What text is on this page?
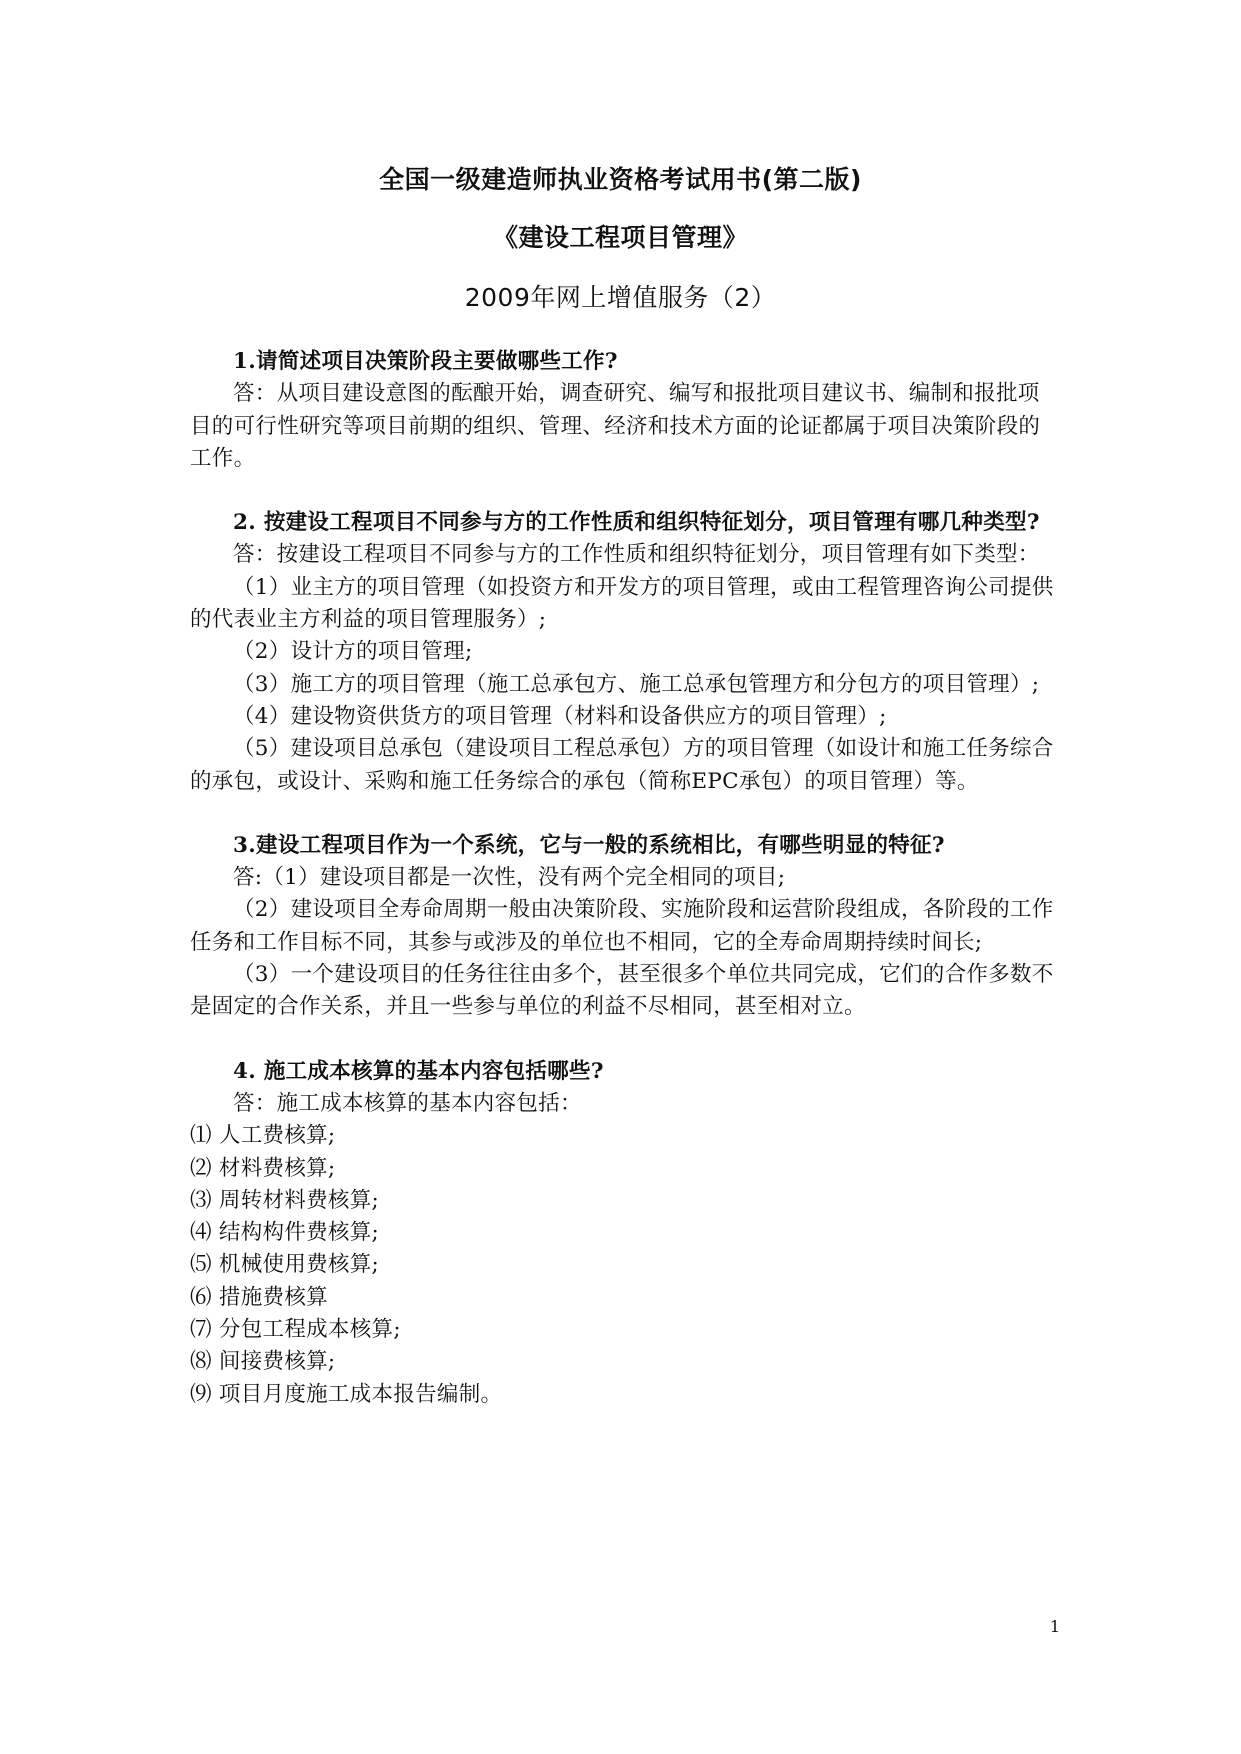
全国一级建造师执业资格考试用书(第二版)
《建设工程项目管理》
2009年网上增值服务（2）

1.请简述项目决策阶段主要做哪些工作?

答：从项目建设意图的酝酿开始，调查研究、编写和报批项目建议书、编制和报批项目的可行性研究等项目前期的组织、管理、经济和技术方面的论证都属于项目决策阶段的工作。

2. 按建设工程项目不同参与方的工作性质和组织特征划分，项目管理有哪几种类型?

答：按建设工程项目不同参与方的工作性质和组织特征划分，项目管理有如下类型：

（1）业主方的项目管理（如投资方和开发方的项目管理，或由工程管理咨询公司提供的代表业主方利益的项目管理服务）;

（2）设计方的项目管理;

（3）施工方的项目管理（施工总承包方、施工总承包管理方和分包方的项目管理）;

（4）建设物资供货方的项目管理（材料和设备供应方的项目管理）;

（5）建设项目总承包（建设项目工程总承包）方的项目管理（如设计和施工任务综合的承包，或设计、采购和施工任务综合的承包（简称EPC承包）的项目管理）等。

3.建设工程项目作为一个系统，它与一般的系统相比，有哪些明显的特征?

答:（1）建设项目都是一次性，没有两个完全相同的项目;

（2）建设项目全寿命周期一般由决策阶段、实施阶段和运营阶段组成，各阶段的工作任务和工作目标不同，其参与或涉及的单位也不相同，它的全寿命周期持续时间长;

（3）一个建设项目的任务往往由多个，甚至很多个单位共同完成，它们的合作多数不是固定的合作关系，并且一些参与单位的利益不尽相同，甚至相对立。

4. 施工成本核算的基本内容包括哪些?

答：施工成本核算的基本内容包括：

⑴ 人工费核算;

⑵ 材料费核算;

⑶ 周转材料费核算;

⑷ 结构构件费核算;

⑸ 机械使用费核算;

⑹ 措施费核算

⑺ 分包工程成本核算;

⑻ 间接费核算;

⑼ 项目月度施工成本报告编制。

1
